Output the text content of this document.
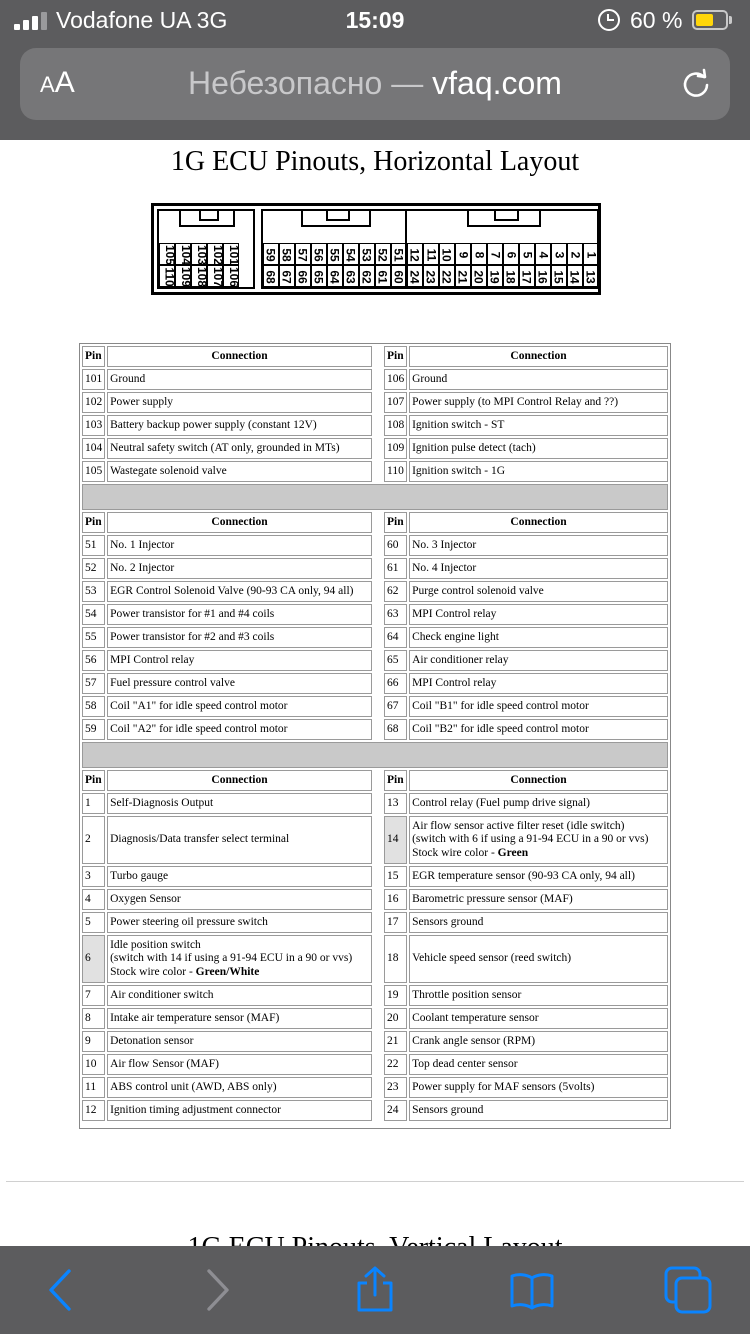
Vodafone UA 3G	15:09	60 %
AA	Небезопасно — vfaq.com
1G ECU Pinouts, Horizontal Layout
105 104 103 102 101
110 109 108 107 106
59 58 57 56 55 54 53 52 51
68 67 66 65 64 63 62 61 60
12 11 10 9 8 7 6 5 4 3 2 1
24 23 22 21 20 19 18 17 16 15 14 13
Pin	Connection		Pin	Connection
101	Ground		106	Ground
102	Power supply		107	Power supply (to MPI Control Relay and ??)
103	Battery backup power supply (constant 12V)		108	Ignition switch - ST
104	Neutral safety switch (AT only, grounded in MTs)		109	Ignition pulse detect (tach)
105	Wastegate solenoid valve		110	Ignition switch - 1G

Pin	Connection		Pin	Connection
51	No. 1 Injector		60	No. 3 Injector
52	No. 2 Injector		61	No. 4 Injector
53	EGR Control Solenoid Valve (90-93 CA only, 94 all)		62	Purge control solenoid valve
54	Power transistor for #1 and #4 coils		63	MPI Control relay
55	Power transistor for #2 and #3 coils		64	Check engine light
56	MPI Control relay		65	Air conditioner relay
57	Fuel pressure control valve		66	MPI Control relay
58	Coil "A1" for idle speed control motor		67	Coil "B1" for idle speed control motor
59	Coil "A2" for idle speed control motor		68	Coil "B2" for idle speed control motor

Pin	Connection		Pin	Connection
1	Self-Diagnosis Output		13	Control relay (Fuel pump drive signal)
2	Diagnosis/Data transfer select terminal		14	Air flow sensor active filter reset (idle switch)
(switch with 6 if using a 91-94 ECU in a 90 or vvs)
Stock wire color - Green
3	Turbo gauge		15	EGR temperature sensor (90-93 CA only, 94 all)
4	Oxygen Sensor		16	Barometric pressure sensor (MAF)
5	Power steering oil pressure switch		17	Sensors ground
6	Idle position switch
(switch with 14 if using a 91-94 ECU in a 90 or vvs)
Stock wire color - Green/White		18	Vehicle speed sensor (reed switch)
7	Air conditioner switch		19	Throttle position sensor
8	Intake air temperature sensor (MAF)		20	Coolant temperature sensor
9	Detonation sensor		21	Crank angle sensor (RPM)
10	Air flow Sensor (MAF)		22	Top dead center sensor
11	ABS control unit (AWD, ABS only)		23	Power supply for MAF sensors (5volts)
12	Ignition timing adjustment connector		24	Sensors ground
